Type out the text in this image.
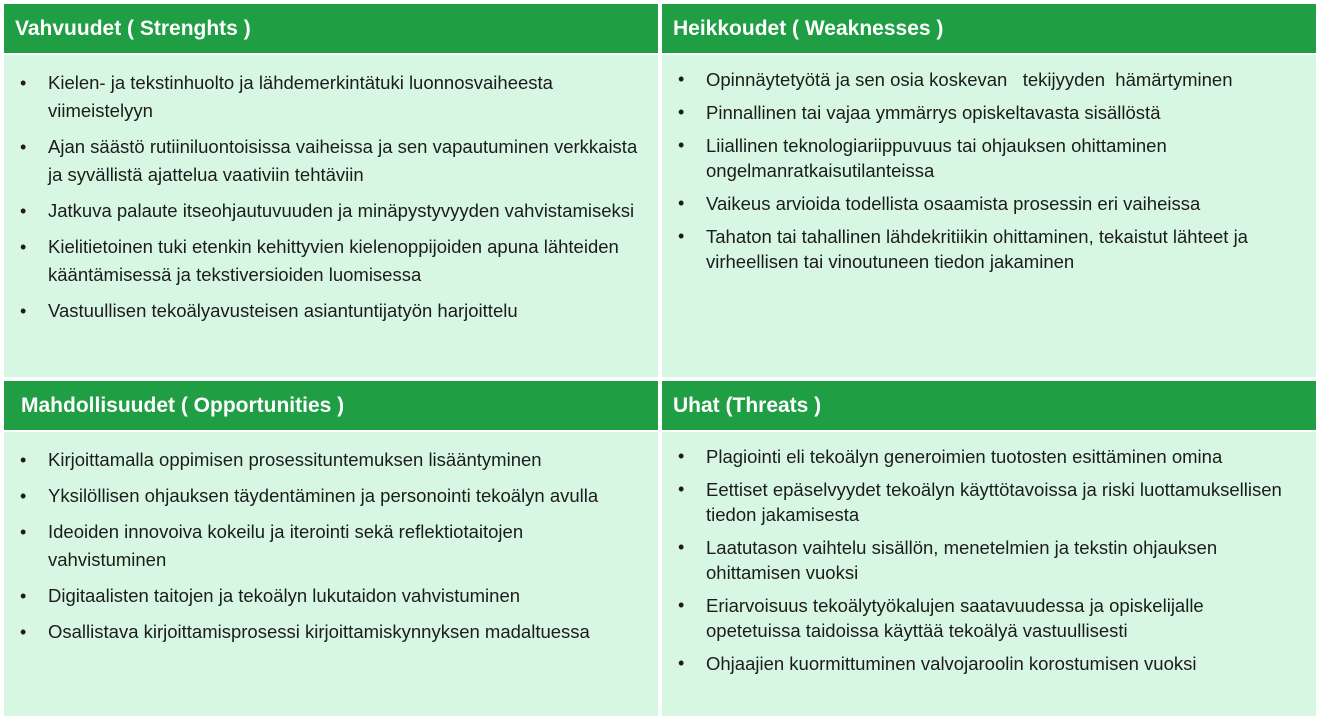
Vahvuudet ( Strenghts )
•	Kielen- ja tekstinhuolto ja lähdemerkintätuki luonnosvaiheesta viimeistelyyn
•	Ajan säästö rutiiniluontoisissa vaiheissa ja sen vapautuminen verkkaista ja syvällistä ajattelua vaativiin tehtäviin
•	Jatkuva palaute itseohjautuvuuden ja minäpystyvyyden vahvistamiseksi
•	Kielitietoinen tuki etenkin kehittyvien kielenoppijoiden apuna lähteiden kääntämisessä ja tekstiversioiden luomisessa
•	Vastuullisen tekoälyavusteisen asiantuntijatyön harjoittelu
Heikkoudet ( Weaknesses )
•	Opinnäytetyötä ja sen osia koskevan   tekijyyden  hämärtyminen
•	Pinnallinen tai vajaa ymmärrys opiskeltavasta sisällöstä
•	Liiallinen teknologiariippuvuus tai ohjauksen ohittaminen ongelmanratkaisutilanteissa
•	Vaikeus arvioida todellista osaamista prosessin eri vaiheissa
•	Tahaton tai tahallinen lähdekritiikin ohittaminen, tekaistut lähteet ja virheellisen tai vinoutuneen tiedon jakaminen
Mahdollisuudet ( Opportunities )
•	Kirjoittamalla oppimisen prosessituntemuksen lisääntyminen
•	Yksilöllisen ohjauksen täydentäminen ja personointi tekoälyn avulla
•	Ideoiden innovoiva kokeilu ja iterointi sekä reflektiotaitojen vahvistuminen
•	Digitaalisten taitojen ja tekoälyn lukutaidon vahvistuminen
•	Osallistava kirjoittamisprosessi kirjoittamiskynnyksen madaltuessa
Uhat (Threats )
•	Plagiointi eli tekoälyn generoimien tuotosten esittäminen omina
•	Eettiset epäselvyydet tekoälyn käyttötavoissa ja riski luottamuksellisen tiedon jakamisesta
•	Laatutason vaihtelu sisällön, menetelmien ja tekstin ohjauksen ohittamisen vuoksi
•	Eriarvoisuus tekoälytyökalujen saatavuudessa ja opiskelijalle opetetuissa taidoissa käyttää tekoälyä vastuullisesti
•	Ohjaajien kuormittuminen valvojaroolin korostumisen vuoksi
